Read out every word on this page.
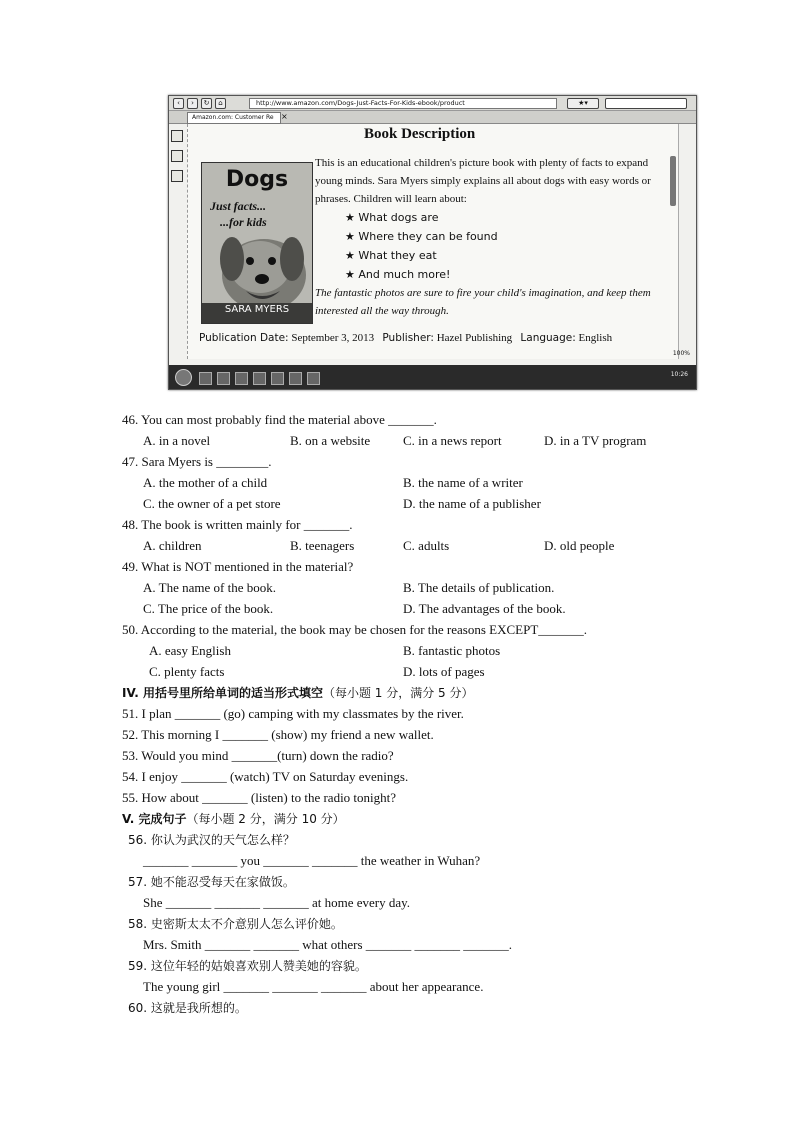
‹	›	↻	⌂	http://www.amazon.com/Dogs-Just-Facts-For-Kids-ebook/product	★▾
Amazon.com: Customer Re ×
Book Description
Dogs
Just facts...
...for kids
SARA MYERS
This is an educational children's picture book with plenty of facts to expand young minds. Sara Myers simply explains all about dogs with easy words or phrases. Children will learn about:
★ What dogs are
★ Where they can be found
★ What they eat
★ And much more!
The fantastic photos are sure to fire your child's imagination, and keep them interested all the way through.
Publication Date: September 3, 2013 Publisher: Hazel Publishing Language: English
100%
10:26
46. You can most probably find the material above _______.
A. in a novel	B. on a website	C. in a news report	D. in a TV program
47. Sara Myers is ________.
A. the mother of a child	B. the name of a writer
C. the owner of a pet store	D. the name of a publisher
48. The book is written mainly for _______.
A. children	B. teenagers	C. adults	D. old people
49. What is NOT mentioned in the material?
A. The name of the book.	B. The details of publication.
C. The price of the book.	D. The advantages of the book.
50. According to the material, the book may be chosen for the reasons EXCEPT_______.
A. easy English	B. fantastic photos
C. plenty facts	D. lots of pages
IV. 用括号里所给单词的适当形式填空（每小题 1 分，满分 5 分）
51. I plan _______ (go) camping with my classmates by the river.
52. This morning I _______ (show) my friend a new wallet.
53. Would you mind _______(turn) down the radio?
54. I enjoy _______ (watch) TV on Saturday evenings.
55. How about _______ (listen) to the radio tonight?
V. 完成句子（每小题 2 分，满分 10 分）
56. 你认为武汉的天气怎么样？
_______ _______ you _______ _______ the weather in Wuhan?
57. 她不能忍受每天在家做饭。
She _______ _______ _______ at home every day.
58. 史密斯太太不介意别人怎么评价她。
Mrs. Smith _______ _______ what others _______ _______ _______.
59. 这位年轻的姑娘喜欢别人赞美她的容貌。
The young girl _______ _______ _______ about her appearance.
60. 这就是我所想的。
